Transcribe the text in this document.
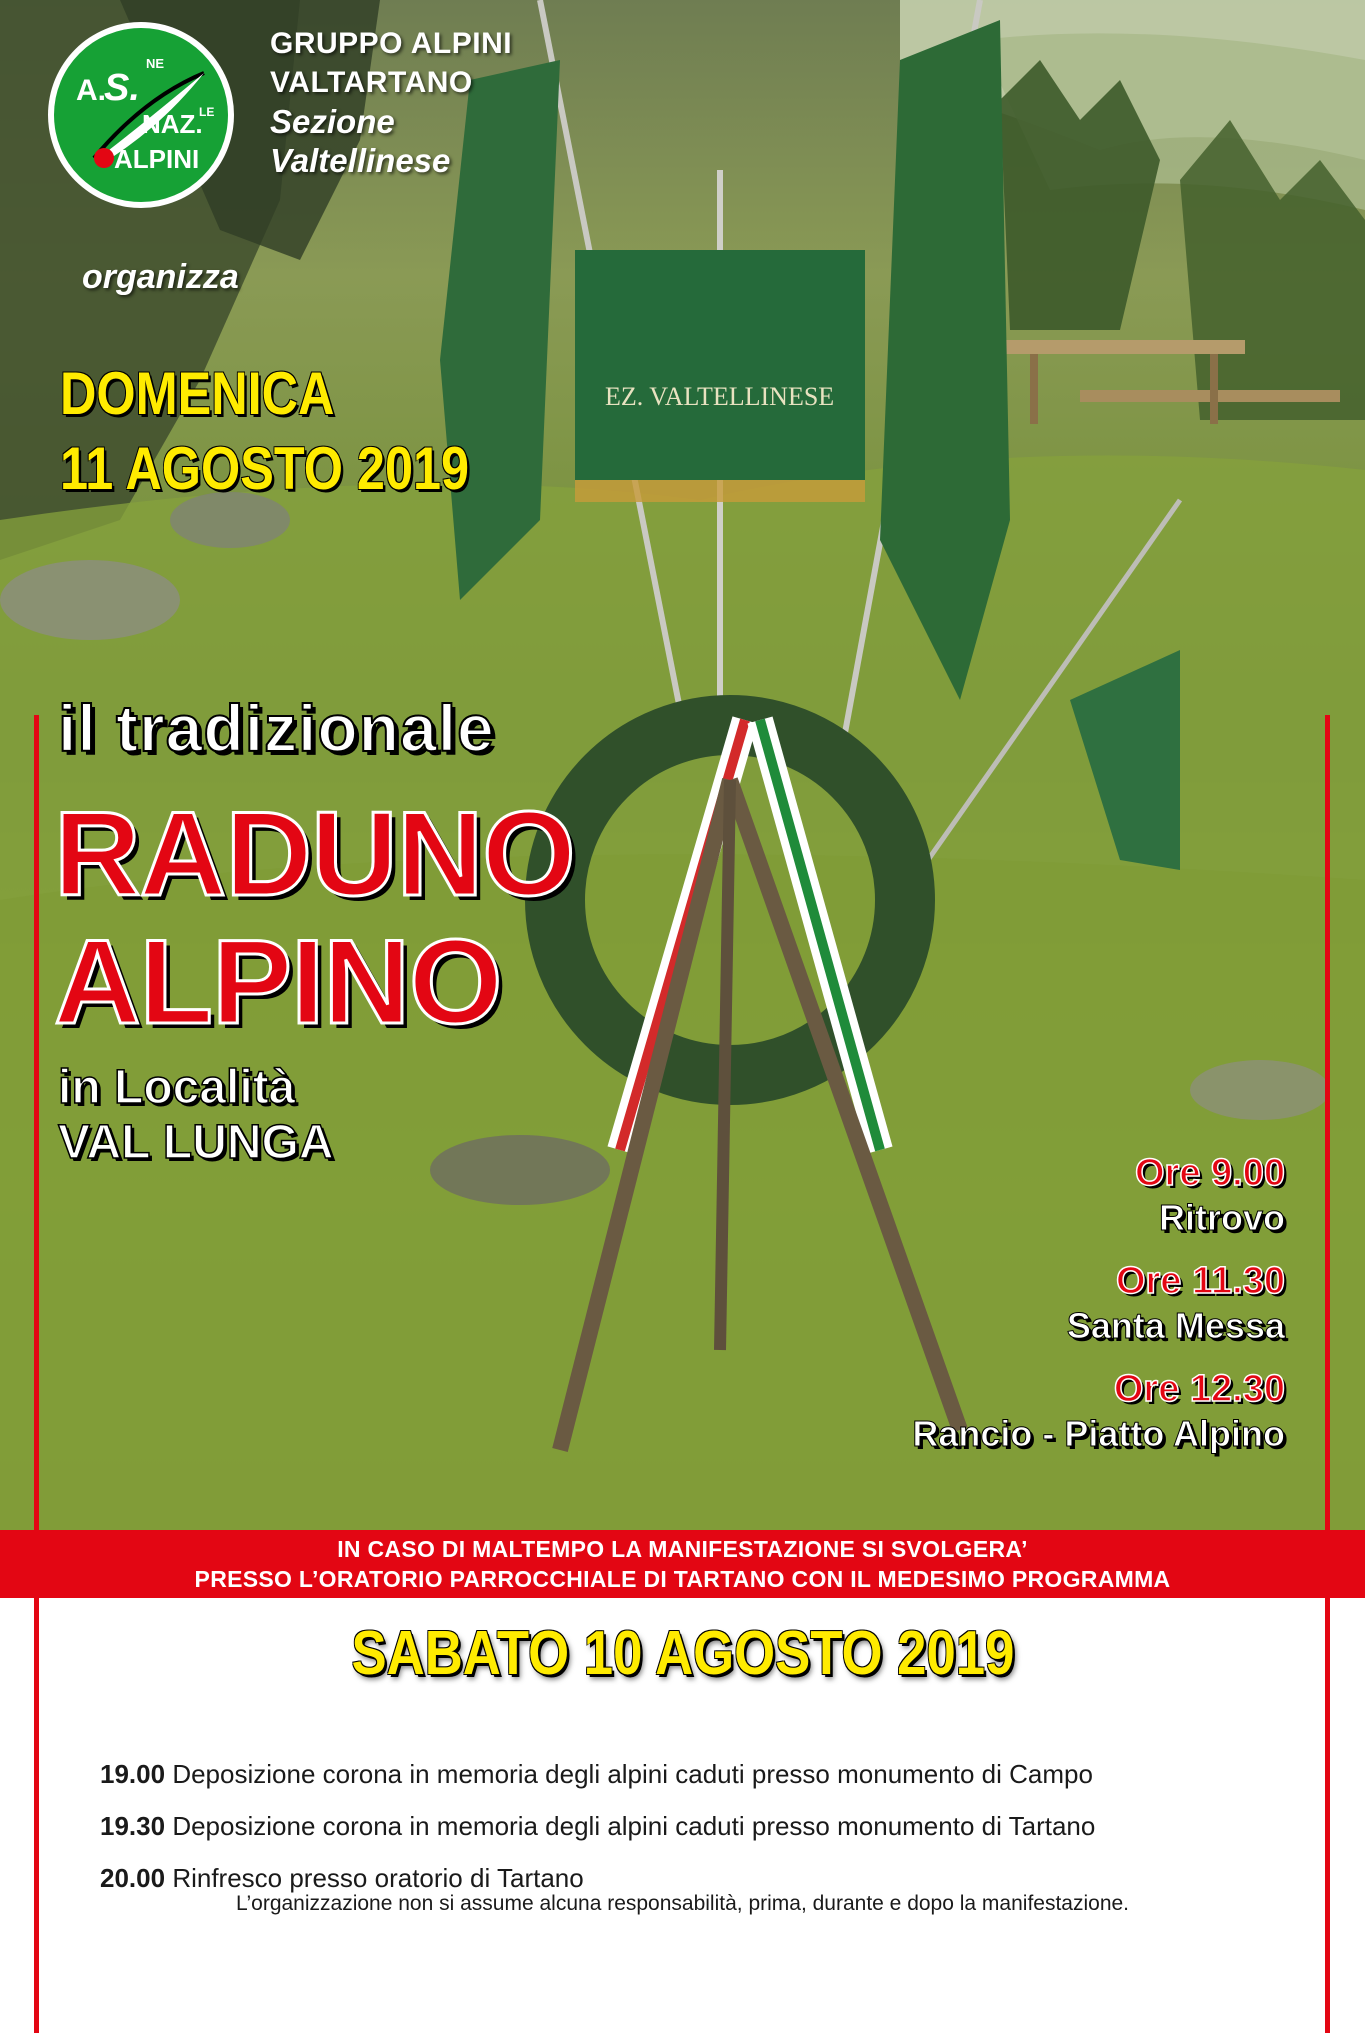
EZ. VALTELLINESE
A.
S.
NE
NAZ.
LE
ALPINI
GRUPPO ALPINI
VALTARTANO
Sezione
Valtellinese
organizza
DOMENICA
11 AGOSTO 2019
il tradizionale
RADUNO
ALPINO
in Località
VAL LUNGA
Ore 9.00
Ritrovo
Ore 11.30
Santa Messa
Ore 12.30
Rancio - Piatto Alpino
IN CASO DI MALTEMPO LA MANIFESTAZIONE SI SVOLGERA’
PRESSO L’ORATORIO PARROCCHIALE DI TARTANO CON IL MEDESIMO PROGRAMMA
SABATO 10 AGOSTO 2019
19.00 Deposizione corona in memoria degli alpini caduti presso monumento di Campo
19.30 Deposizione corona in memoria degli alpini caduti presso monumento di Tartano
20.00 Rinfresco presso oratorio di Tartano
L’organizzazione non si assume alcuna responsabilità, prima, durante e dopo la manifestazione.
